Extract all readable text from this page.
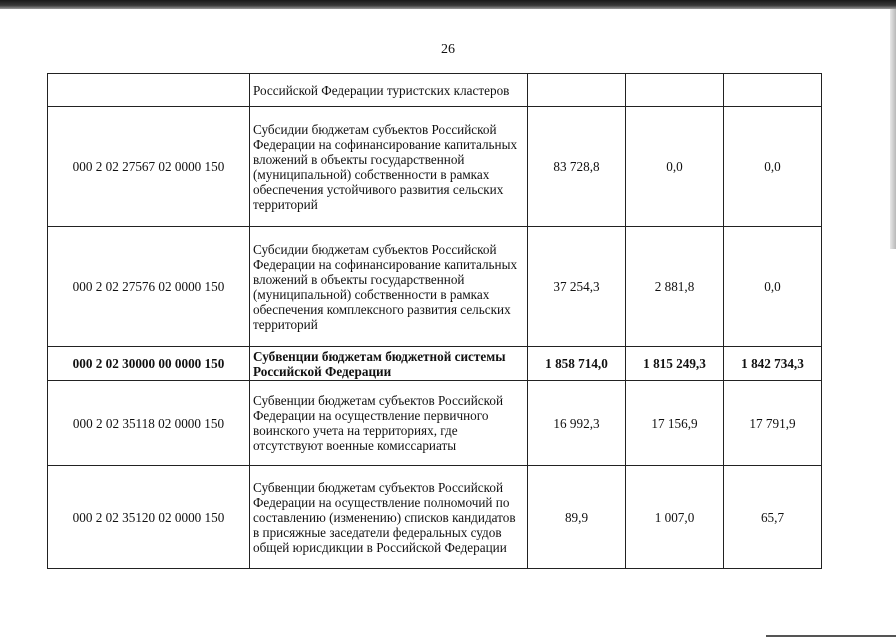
26
	Российской Федерации туристских кластеров			
000 2 02 27567 02 0000 150	Субсидии бюджетам субъектов Российской Федерации на софинансирование капитальных вложений в объекты государственной (муниципальной) собственности в рамках обеспечения устойчивого развития сельских территорий	83 728,8	0,0	0,0
000 2 02 27576 02 0000 150	Субсидии бюджетам субъектов Российской Федерации на софинансирование капитальных вложений в объекты государственной (муниципальной) собственности в рамках обеспечения комплексного развития сельских территорий	37 254,3	2 881,8	0,0
000 2 02 30000 00 0000 150	Субвенции бюджетам бюджетной системы Российской Федерации	1 858 714,0	1 815 249,3	1 842 734,3
000 2 02 35118 02 0000 150	Субвенции бюджетам субъектов Российской Федерации на осуществление первичного воинского учета на территориях, где отсутствуют военные комиссариаты	16 992,3	17 156,9	17 791,9
000 2 02 35120 02 0000 150	Субвенции бюджетам субъектов Российской Федерации на осуществление полномочий по составлению (изменению) списков кандидатов в присяжные заседатели федеральных судов общей юрисдикции в Российской Федерации	89,9	1 007,0	65,7
